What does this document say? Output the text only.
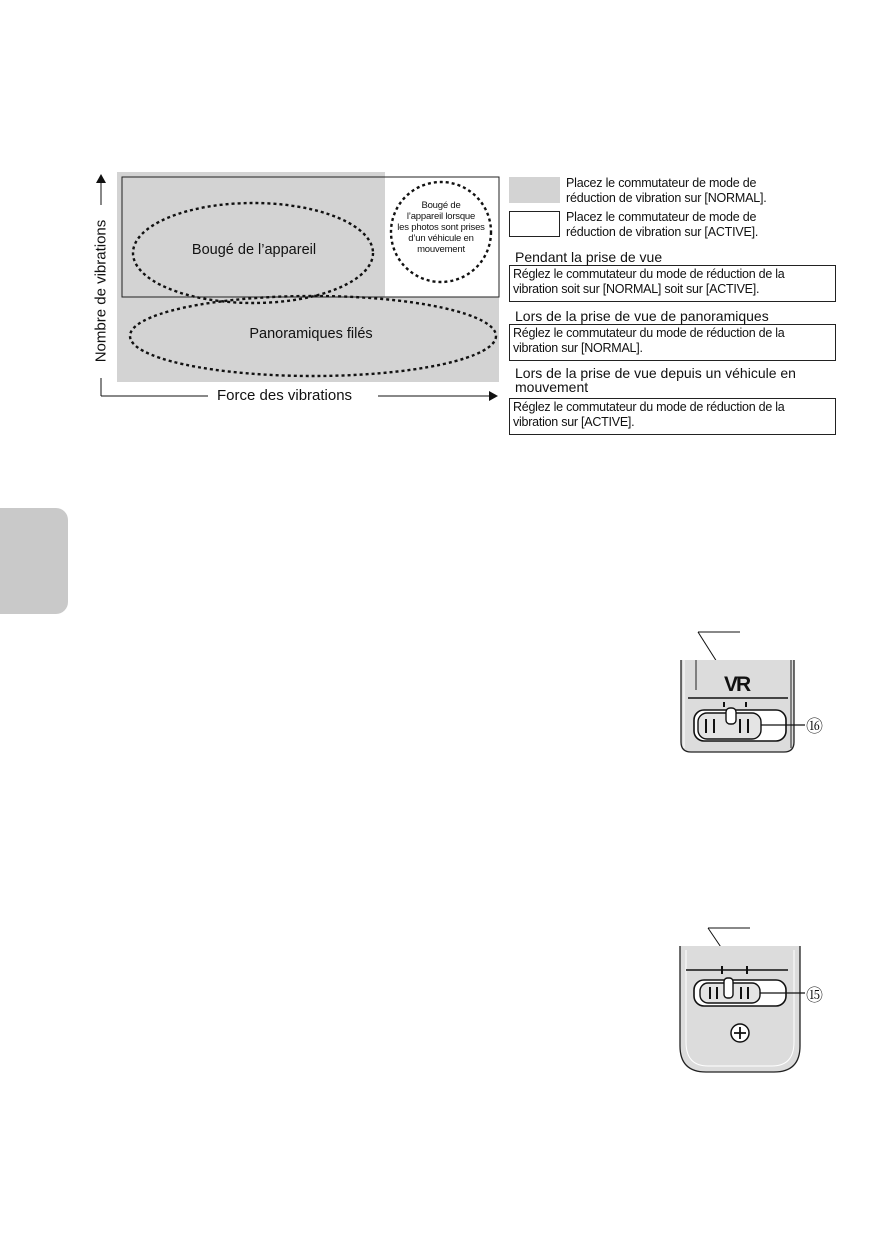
Nombre de vibrations
Force des vibrations
Bougé de l’appareil
Panoramiques filés
Bougé de
l’appareil lorsque
les photos sont prises
d’un véhicule en
mouvement
Placez le commutateur de mode de réduction de vibration sur [NORMAL].
Placez le commutateur de mode de réduction de vibration sur [ACTIVE].
Pendant la prise de vue
Réglez le commutateur du mode de réduction de la vibration soit sur [NORMAL] soit sur [ACTIVE].
Lors de la prise de vue de panoramiques
Réglez le commutateur du mode de réduction de la vibration sur [NORMAL].
Lors de la prise de vue depuis un véhicule en mouvement
Réglez le commutateur du mode de réduction de la vibration sur [ACTIVE].
VR
⑯
⑮
